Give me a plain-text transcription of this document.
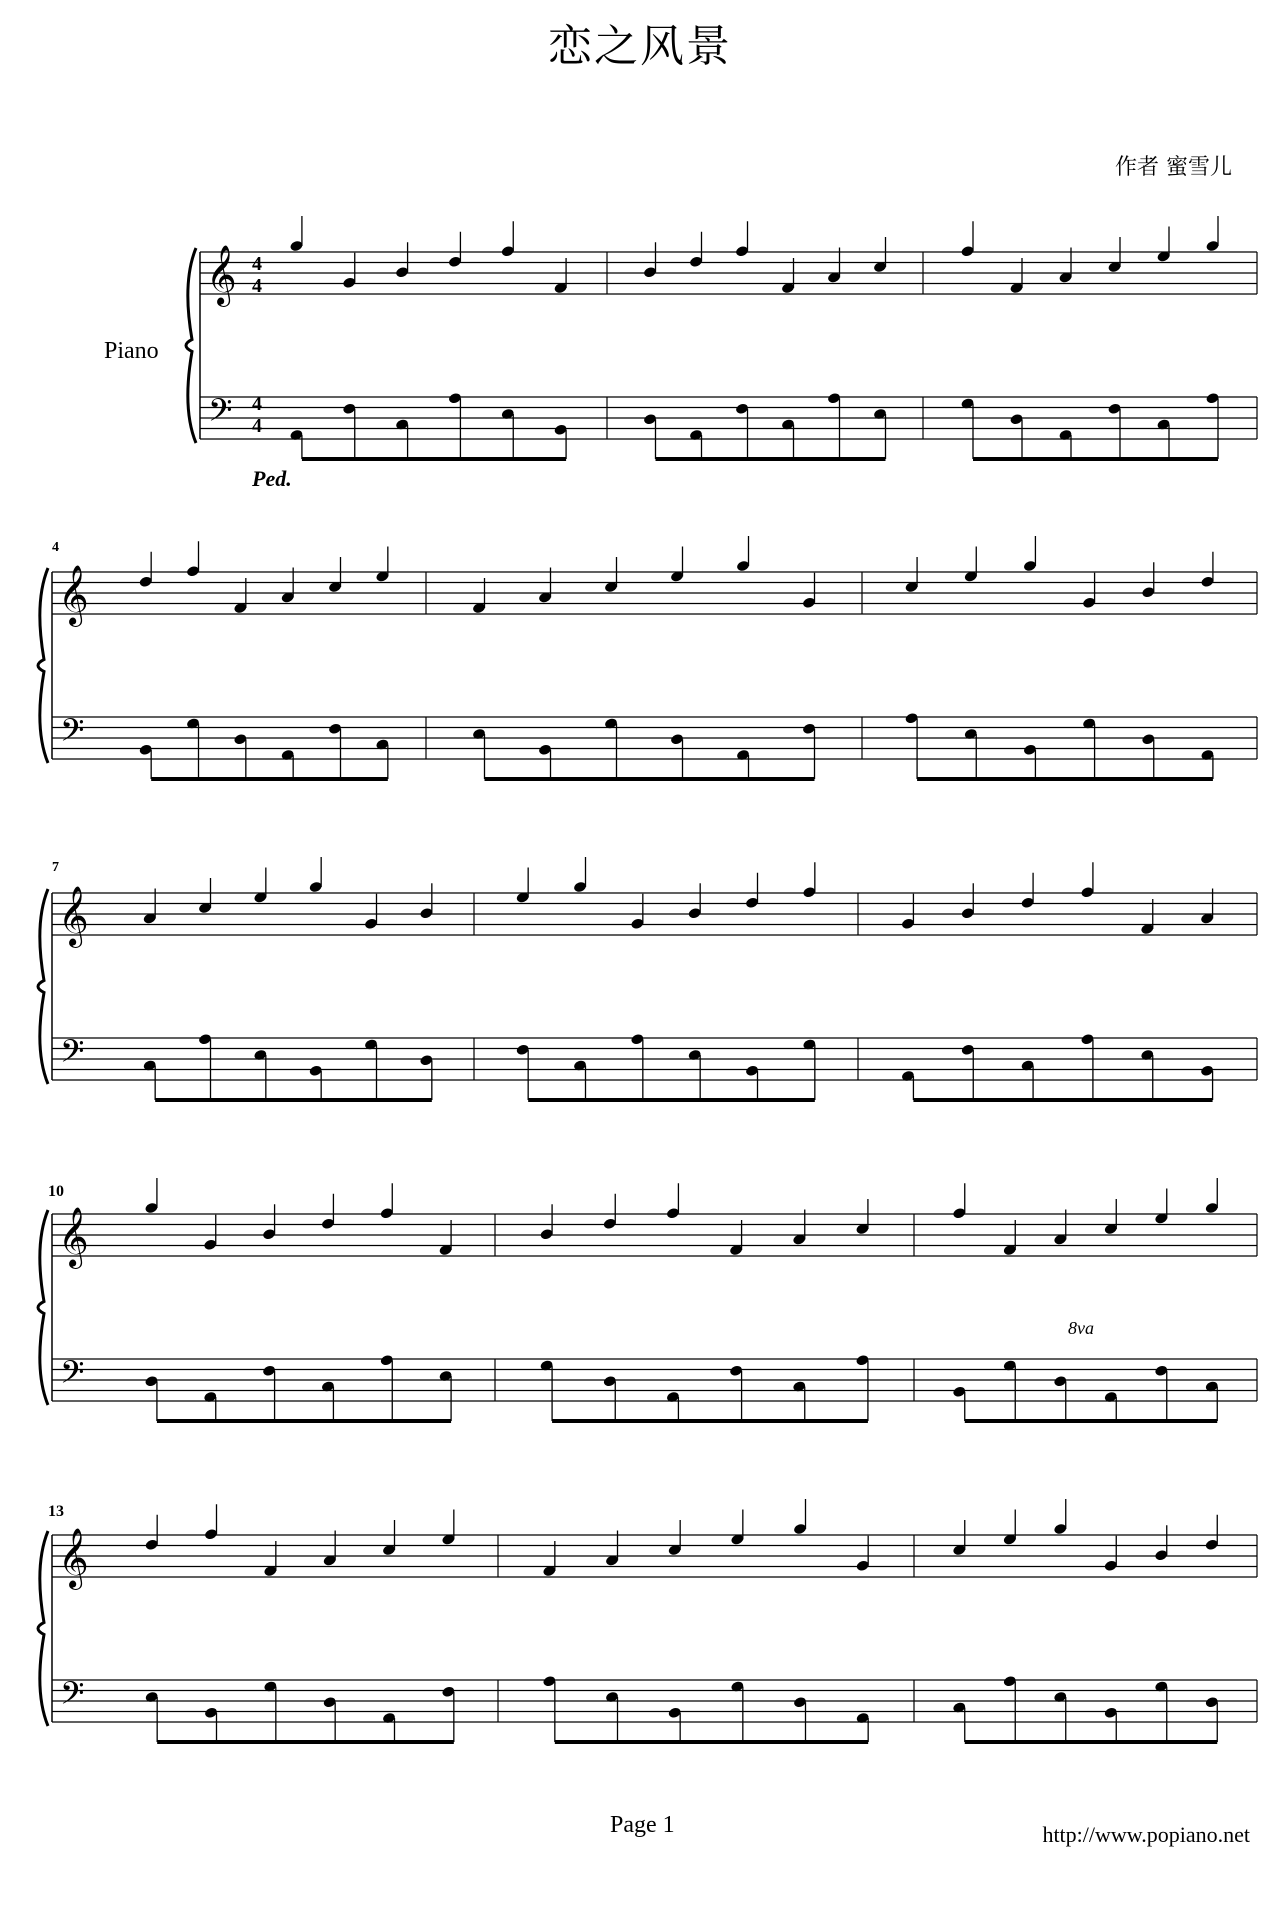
恋之风景
作者 蜜雪儿
Piano
Ped.
4
7
10
13
8va
𝄞
𝄢
𝄞
𝄢
𝄞
𝄢
𝄞
𝄢
𝄞
𝄢
4
4
4
4
Page 1	http://www.popiano.net
